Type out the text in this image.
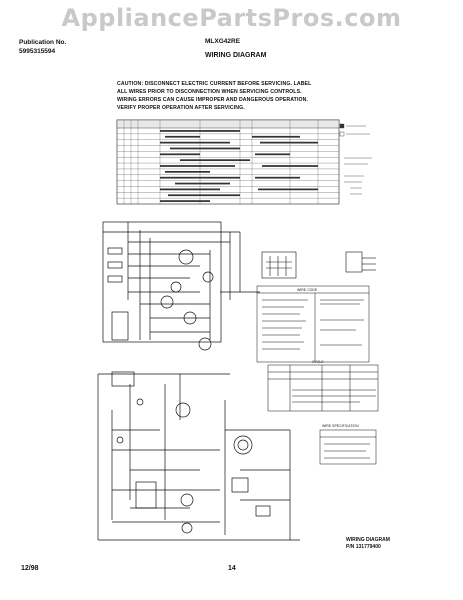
AppliancePartsPros.com
Publication No.
5995315594
MLXG42RE
WIRING DIAGRAM
CAUTION: DISCONNECT ELECTRIC CURRENT BEFORE SERVICING. LABEL
ALL WIRES PRIOR TO DISCONNECTION WHEN SERVICING CONTROLS.
WIRING ERRORS CAN CAUSE IMPROPER AND DANGEROUS OPERATION.
VERIFY PROPER OPERATION AFTER SERVICING.
WIRE CODE
CYCLE
WIRE SPECIFICATION
WIRING DIAGRAM
P/N 131779400
12/98	14
